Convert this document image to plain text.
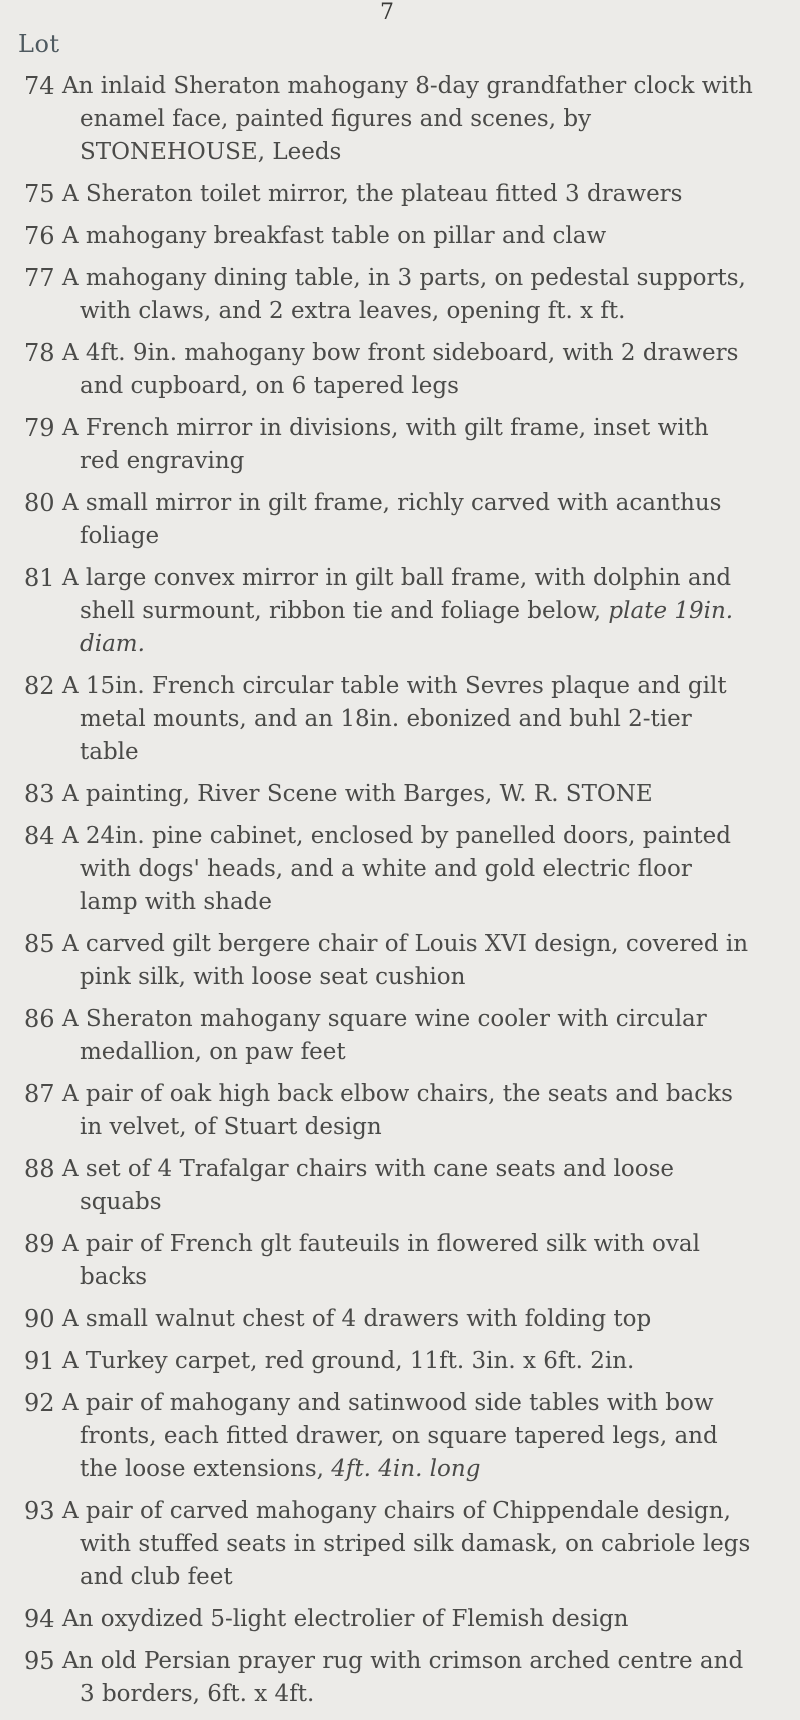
7
Lot
74 An inlaid Sheraton mahogany 8-day grandfather clock with enamel face, painted figures and scenes, by STONEHOUSE, Leeds
75 A Sheraton toilet mirror, the plateau fitted 3 drawers
76 A mahogany breakfast table on pillar and claw
77 A mahogany dining table, in 3 parts, on pedestal supports, with claws, and 2 extra leaves, opening ft. x ft.
78 A 4ft. 9in. mahogany bow front sideboard, with 2 drawers and cupboard, on 6 tapered legs
79 A French mirror in divisions, with gilt frame, inset with red engraving
80 A small mirror in gilt frame, richly carved with acanthus foliage
81 A large convex mirror in gilt ball frame, with dolphin and shell surmount, ribbon tie and foliage below, plate 19in. diam.
82 A 15in. French circular table with Sevres plaque and gilt metal mounts, and an 18in. ebonized and buhl 2-tier table
83 A painting, River Scene with Barges, W. R. STONE
84 A 24in. pine cabinet, enclosed by panelled doors, painted with dogs' heads, and a white and gold electric floor lamp with shade
85 A carved gilt bergere chair of Louis XVI design, covered in pink silk, with loose seat cushion
86 A Sheraton mahogany square wine cooler with circular medallion, on paw feet
87 A pair of oak high back elbow chairs, the seats and backs in velvet, of Stuart design
88 A set of 4 Trafalgar chairs with cane seats and loose squabs
89 A pair of French glt fauteuils in flowered silk with oval backs
90 A small walnut chest of 4 drawers with folding top
91 A Turkey carpet, red ground, 11ft. 3in. x 6ft. 2in.
92 A pair of mahogany and satinwood side tables with bow fronts, each fitted drawer, on square tapered legs, and the loose extensions, 4ft. 4in. long
93 A pair of carved mahogany chairs of Chippendale design, with stuffed seats in striped silk damask, on cabriole legs and club feet
94 An oxydized 5-light electrolier of Flemish design
95 An old Persian prayer rug with crimson arched centre and 3 borders, 6ft. x 4ft.
